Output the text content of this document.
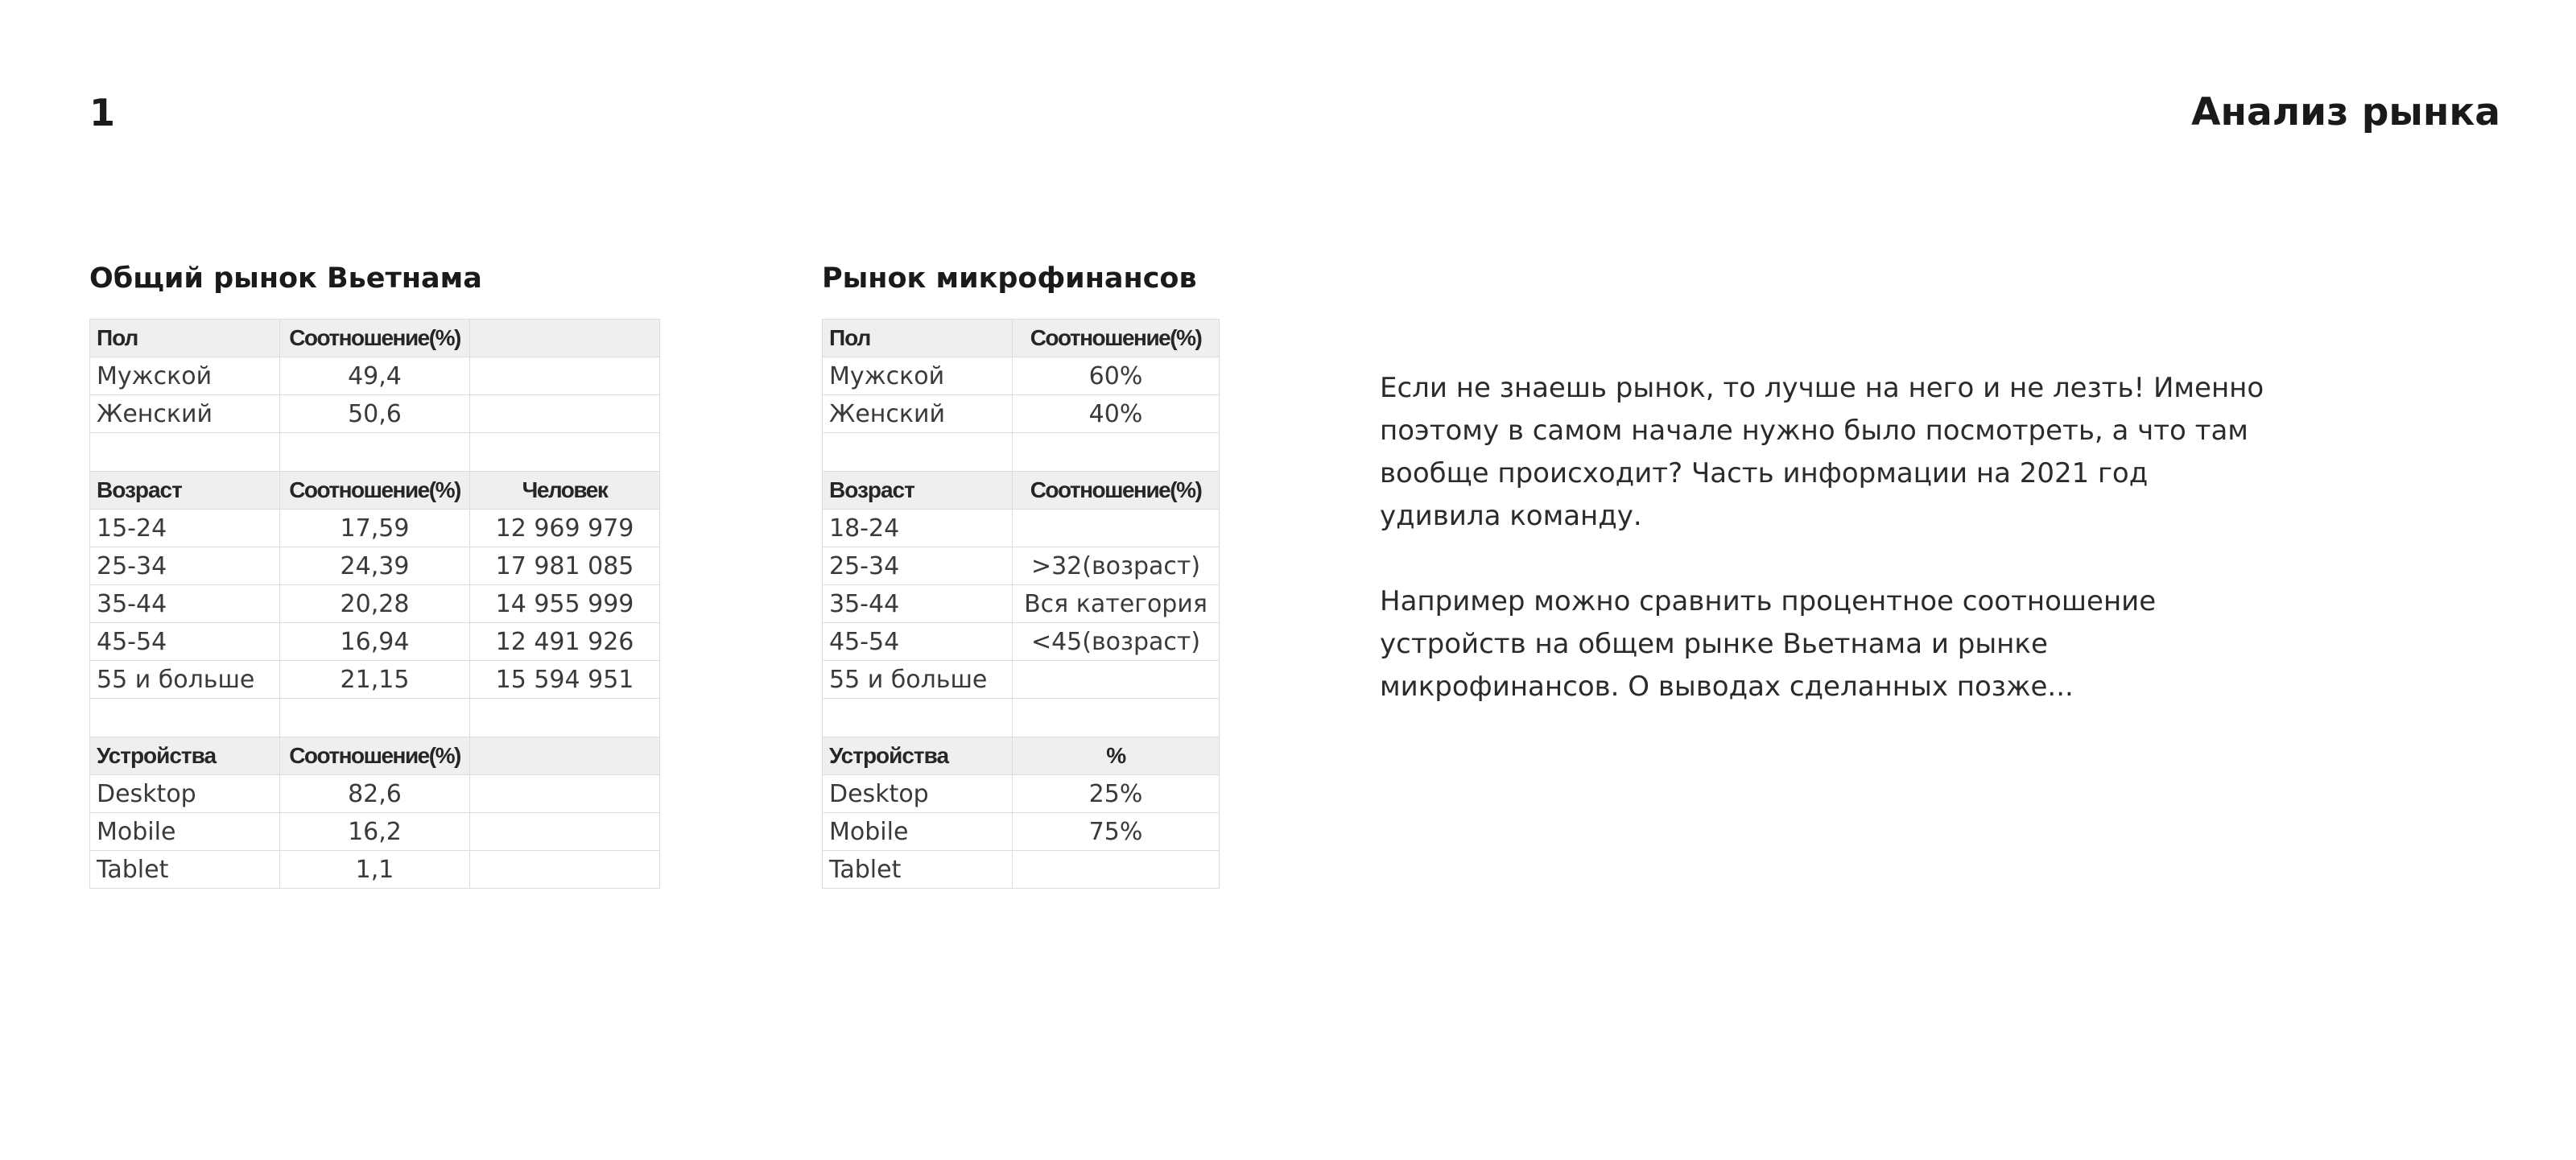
1	Анализ рынка
Общий рынок Вьетнама	Рынок микрофинансов
Пол	Соотношение(%)	
Мужской	49,4	
Женский	50,6	

Возраст	Соотношение(%)	Человек
15-24	17,59	12 969 979
25-34	24,39	17 981 085
35-44	20,28	14 955 999
45-54	16,94	12 491 926
55 и больше	21,15	15 594 951

Устройства	Соотношение(%)	
Desktop	82,6	
Mobile	16,2	
Tablet	1,1	
Пол	Соотношение(%)
Мужской	60%
Женский	40%

Возраст	Соотношение(%)
18-24	
25-34	>32(возраст)
35-44	Вся категория
45-54	<45(возраст)
55 и больше	

Устройства	%
Desktop	25%
Mobile	75%
Tablet	

Если не знаешь рынок, то лучше на него и не лезть! Именно
поэтому в самом начале нужно было посмотреть, а что там
вообще происходит? Часть информации на 2021 год
удивила команду.

Например можно сравнить процентное соотношение
устройств на общем рынке Вьетнама и рынке
микрофинансов. О выводах сделанных позже...
